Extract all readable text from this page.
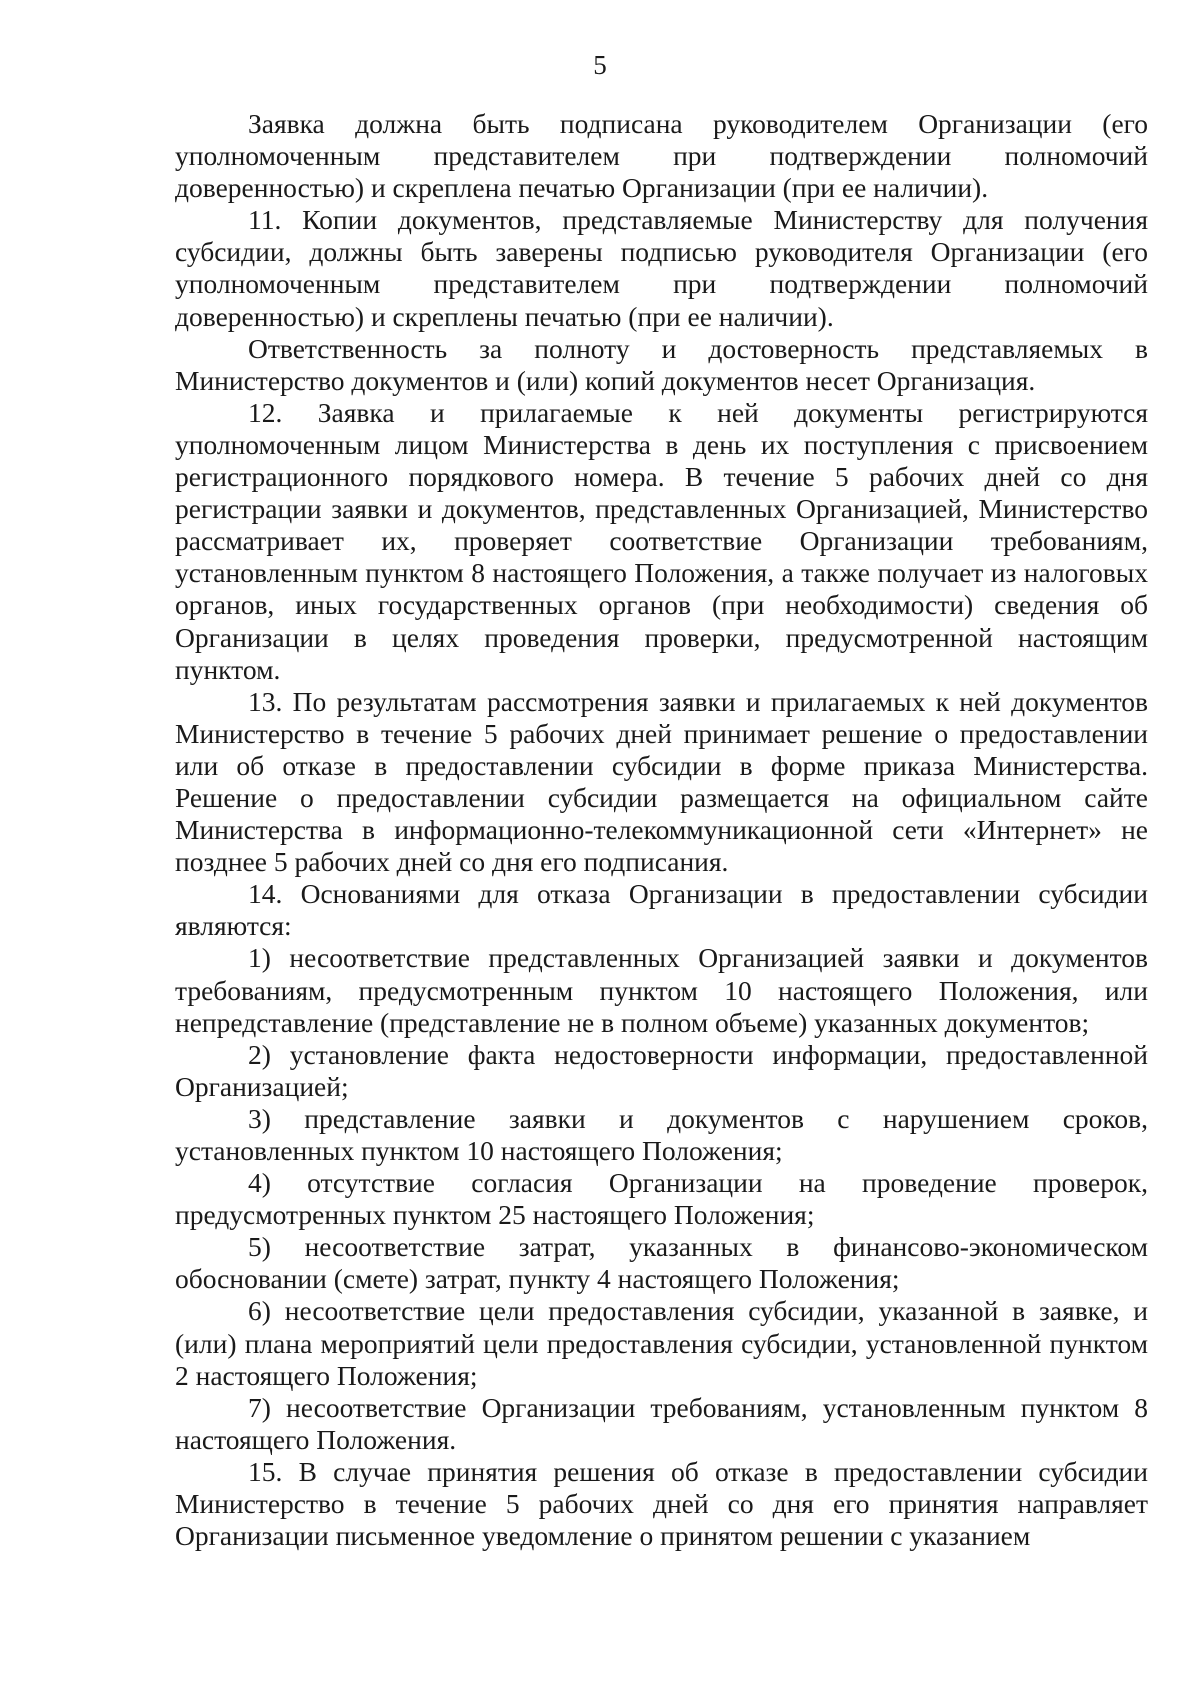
5

Заявка должна быть подписана руководителем Организации (его уполномоченным представителем при подтверждении полномочий доверенностью) и скреплена печатью Организации (при ее наличии).

11. Копии документов, представляемые Министерству для получения субсидии, должны быть заверены подписью руководителя Организации (его уполномоченным представителем при подтверждении полномочий доверенностью) и скреплены печатью (при ее наличии).

Ответственность за полноту и достоверность представляемых в Министерство документов и (или) копий документов несет Организация.

12. Заявка и прилагаемые к ней документы регистрируются уполномоченным лицом Министерства в день их поступления с присвоением регистрационного порядкового номера. В течение 5 рабочих дней со дня регистрации заявки и документов, представленных Организацией, Министерство рассматривает их, проверяет соответствие Организации требованиям, установленным пунктом 8 настоящего Положения, а также получает из налоговых органов, иных государственных органов (при необходимости) сведения об Организации в целях проведения проверки, предусмотренной настоящим пунктом.

13. По результатам рассмотрения заявки и прилагаемых к ней документов Министерство в течение 5 рабочих дней принимает решение о предоставлении или об отказе в предоставлении субсидии в форме приказа Министерства. Решение о предоставлении субсидии размещается на официальном сайте Министерства в информационно-телекоммуникационной сети «Интернет» не позднее 5 рабочих дней со дня его подписания.

14. Основаниями для отказа Организации в предоставлении субсидии являются:

1) несоответствие представленных Организацией заявки и документов требованиям, предусмотренным пунктом 10 настоящего Положения, или непредставление (представление не в полном объеме) указанных документов;

2) установление факта недостоверности информации, предоставленной Организацией;

3) представление заявки и документов с нарушением сроков, установленных пунктом 10 настоящего Положения;

4) отсутствие согласия Организации на проведение проверок, предусмотренных пунктом 25 настоящего Положения;

5) несоответствие затрат, указанных в финансово-экономическом обосновании (смете) затрат, пункту 4 настоящего Положения;

6) несоответствие цели предоставления субсидии, указанной в заявке, и (или) плана мероприятий цели предоставления субсидии, установленной пунктом 2 настоящего Положения;

7) несоответствие Организации требованиям, установленным пунктом 8 настоящего Положения.

15. В случае принятия решения об отказе в предоставлении субсидии Министерство в течение 5 рабочих дней со дня его принятия направляет Организации письменное уведомление о принятом решении с указанием
